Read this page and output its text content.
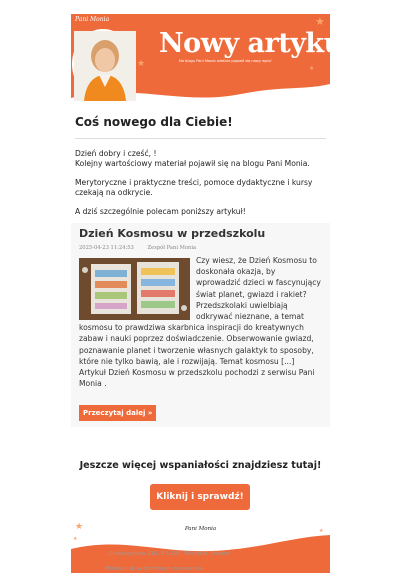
Pani Monia	★
★	★
Nowy artykuł
Na blogu Pani Monia właśnie pojawił się nowy wpis!
Coś nowego dla Ciebie!
Dzień dobry i cześć, !
Kolejny wartościowy materiał pojawił się na blogu Pani Monia.
Merytoryczne i praktyczne treści, pomoce dydaktyczne i kursy czekają na odkrycie.
A dziś szczególnie polecam poniższy artykuł!
Dzień Kosmosu w przedszkolu
2025-04-23 11:24:53	Zespół Pani Monia
Czy wiesz, że Dzień Kosmosu to doskonała okazja, by wprowadzić dzieci w fascynujący świat planet, gwiazd i rakiet? Przedszkolaki uwielbiają odkrywać nieznane, a temat kosmosu to prawdziwa skarbnica inspiracji do kreatywnych zabaw i nauki poprzez doświadczenie. Obserwowanie gwiazd, poznawanie planet i tworzenie własnych galaktyk to sposoby, które nie tylko bawią, ale i rozwijają. Temat kosmosu [...] Artykuł Dzień Kosmosu w przedszkolu pochodzi z serwisu Pani Monia .
Przeczytaj dalej »
★
★
★
Jeszcze więcej wspaniałości znajdziesz tutaj!
Kliknij i sprawdź!
Pani Monia
, Grabiszyńska 210, 53-235, Wrocław, Poland
Możesz lub w dowolnym momencie.
